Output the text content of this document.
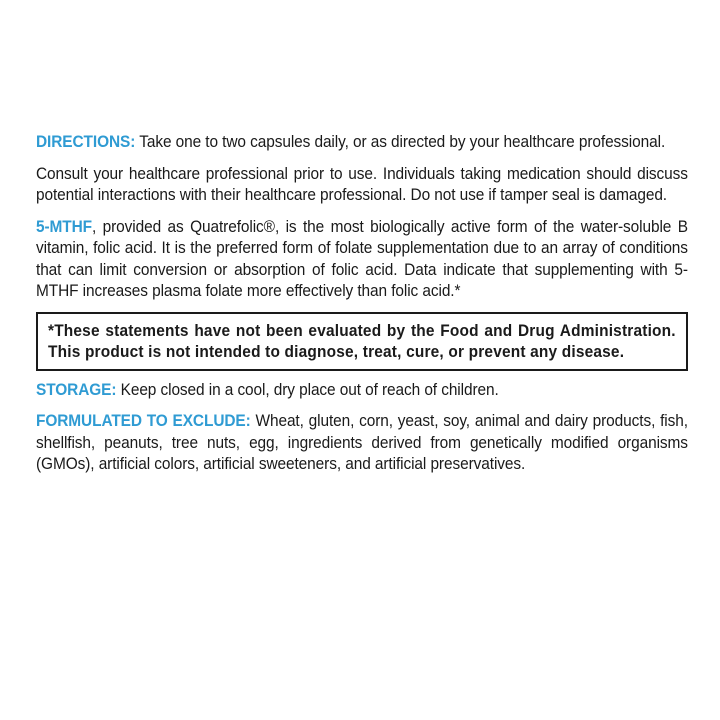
DIRECTIONS: Take one to two capsules daily, or as directed by your healthcare professional.

Consult your healthcare professional prior to use. Individuals taking medication should discuss potential interactions with their healthcare professional. Do not use if tamper seal is damaged.

5-MTHF, provided as Quatrefolic®, is the most biologically active form of the water-soluble B vitamin, folic acid. It is the preferred form of folate supplementation due to an array of conditions that can limit conversion or absorption of folic acid. Data indicate that supplementing with 5-MTHF increases plasma folate more effectively than folic acid.*

*These statements have not been evaluated by the Food and Drug Administration. This product is not intended to diagnose, treat, cure, or prevent any disease.

STORAGE: Keep closed in a cool, dry place out of reach of children.

FORMULATED TO EXCLUDE: Wheat, gluten, corn, yeast, soy, animal and dairy products, fish, shellfish, peanuts, tree nuts, egg, ingredients derived from genetically modified organisms (GMOs), artificial colors, artificial sweeteners, and artificial preservatives.
